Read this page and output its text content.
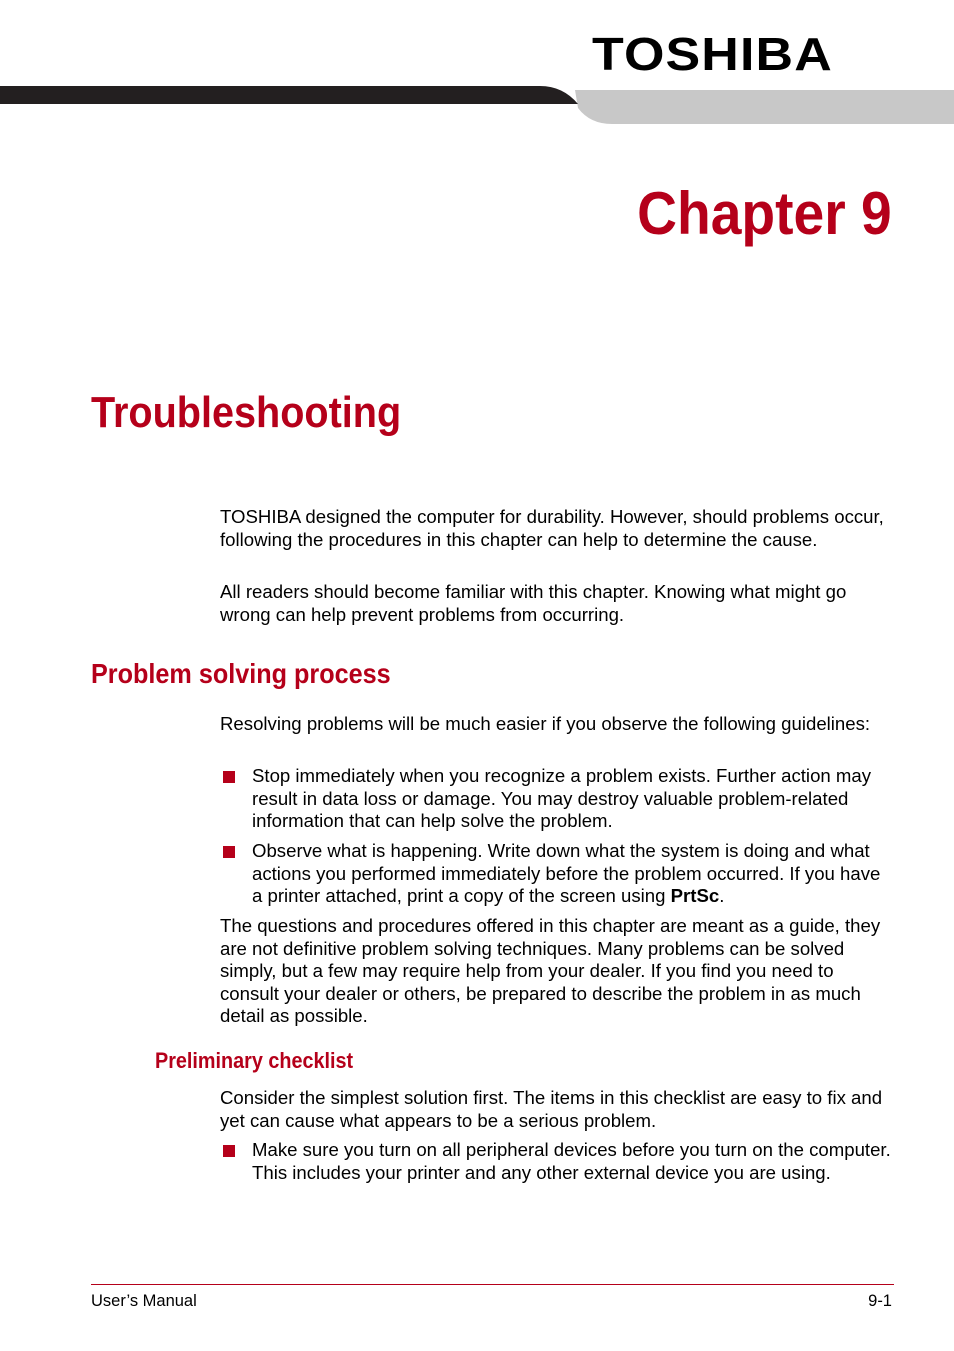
TOSHIBA
Chapter 9
Troubleshooting

TOSHIBA designed the computer for durability. However, should problems occur, following the procedures in this chapter can help to determine the cause.

All readers should become familiar with this chapter. Knowing what might go wrong can help prevent problems from occurring.

Problem solving process

Resolving problems will be much easier if you observe the following guidelines:

Stop immediately when you recognize a problem exists. Further action may result in data loss or damage. You may destroy valuable problem-related information that can help solve the problem.
Observe what is happening. Write down what the system is doing and what actions you performed immediately before the problem occurred. If you have a printer attached, print a copy of the screen using PrtSc.

The questions and procedures offered in this chapter are meant as a guide, they are not definitive problem solving techniques. Many problems can be solved simply, but a few may require help from your dealer. If you find you need to consult your dealer or others, be prepared to describe the problem in as much detail as possible.

Preliminary checklist

Consider the simplest solution first. The items in this checklist are easy to fix and yet can cause what appears to be a serious problem.

Make sure you turn on all peripheral devices before you turn on the computer. This includes your printer and any other external device you are using.
User’s Manual	9-1
